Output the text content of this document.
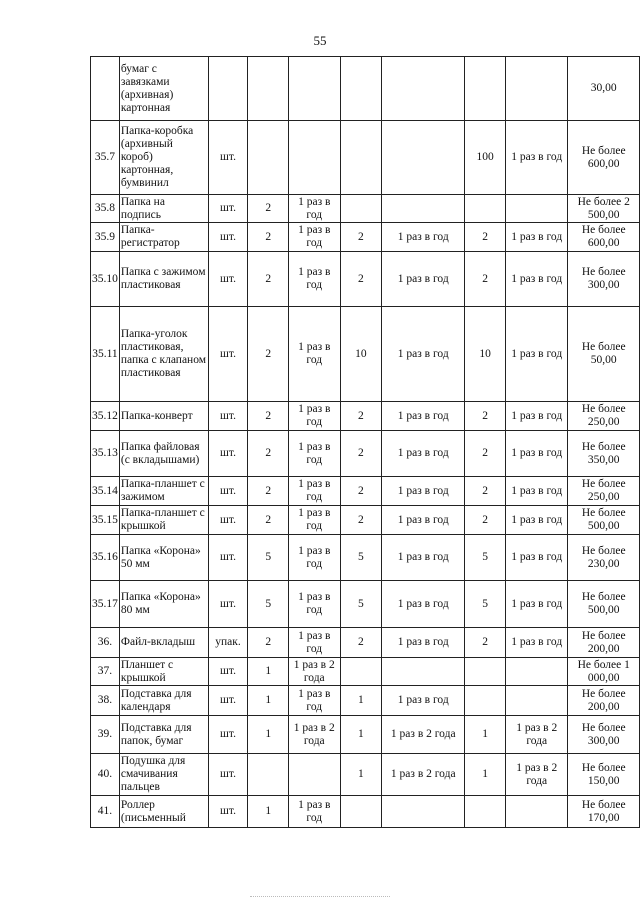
55
	бумаг с завязками (архивная) картонная								30,00
35.7	Папка-коробка (архивный короб) картонная, бумвинил	шт.					100	1 раз в год	Не более 600,00
35.8	Папка на подпись	шт.	2	1 раз в год					Не более 2 500,00
35.9	Папка-регистратор	шт.	2	1 раз в год	2	1 раз в год	2	1 раз в год	Не более 600,00
35.10	Папка с зажимом пластиковая	шт.	2	1 раз в год	2	1 раз в год	2	1 раз в год	Не более 300,00
35.11	Папка-уголок пластиковая, папка с клапаном пластиковая	шт.	2	1 раз в год	10	1 раз в год	10	1 раз в год	Не более 50,00
35.12	Папка-конверт	шт.	2	1 раз в год	2	1 раз в год	2	1 раз в год	Не более 250,00
35.13	Папка файловая (с вкладышами)	шт.	2	1 раз в год	2	1 раз в год	2	1 раз в год	Не более 350,00
35.14	Папка-планшет с зажимом	шт.	2	1 раз в год	2	1 раз в год	2	1 раз в год	Не более 250,00
35.15	Папка-планшет с крышкой	шт.	2	1 раз в год	2	1 раз в год	2	1 раз в год	Не более 500,00
35.16	Папка «Корона» 50 мм	шт.	5	1 раз в год	5	1 раз в год	5	1 раз в год	Не более 230,00
35.17	Папка «Корона» 80 мм	шт.	5	1 раз в год	5	1 раз в год	5	1 раз в год	Не более 500,00
36.	Файл-вкладыш	упак.	2	1 раз в год	2	1 раз в год	2	1 раз в год	Не более 200,00
37.	Планшет с крышкой	шт.	1	1 раз в 2 года					Не более 1 000,00
38.	Подставка для календаря	шт.	1	1 раз в год	1	1 раз в год			Не более 200,00
39.	Подставка для папок, бумаг	шт.	1	1 раз в 2 года	1	1 раз в 2 года	1	1 раз в 2 года	Не более 300,00
40.	Подушка для смачивания пальцев	шт.			1	1 раз в 2 года	1	1 раз в 2 года	Не более 150,00
41.	Роллер (письменный	шт.	1	1 раз в год					Не более 170,00
